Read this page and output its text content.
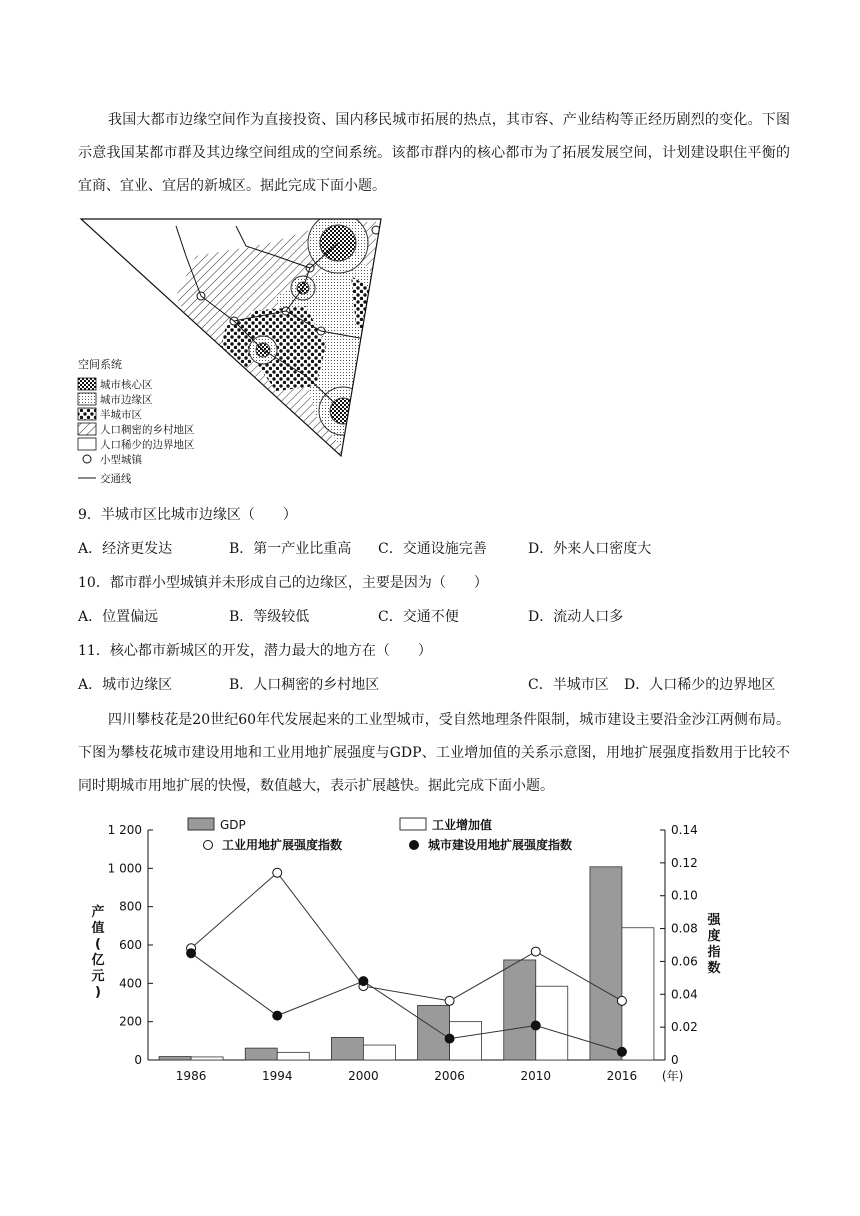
我国大都市边缘空间作为直接投资、国内移民城市拓展的热点，其市容、产业结构等正经历剧烈的变化。下图示意我国某都市群及其边缘空间组成的空间系统。该都市群内的核心都市为了拓展发展空间，计划建设职住平衡的宜商、宜业、宜居的新城区。据此完成下面小题。
空间系统
城市核心区
城市边缘区
半城市区
人口稠密的乡村地区
人口稀少的边界地区
小型城镇
交通线
9．半城市区比城市边缘区（　　）
A．经济更发达	B．第一产业比重高 C．交通设施完善	D．外来人口密度大
10．都市群小型城镇并未形成自己的边缘区，主要是因为（　　）
A．位置偏远	B．等级较低	C．交通不便	D．流动人口多
11．核心都市新城区的开发，潜力最大的地方在（　　）
A．城市边缘区	B．人口稠密的乡村地区	C．半城市区 D．人口稀少的边界地区
四川攀枝花是20世纪60年代发展起来的工业型城市，受自然地理条件限制，城市建设主要沿金沙江两侧布局。下图为攀枝花城市建设用地和工业用地扩展强度与GDP、工业增加值的关系示意图，用地扩展强度指数用于比较不同时期城市用地扩展的快慢，数值越大，表示扩展越快。据此完成下面小题。
0
200
400
600
800
1 000
1 200
0
0.02
0.04
0.06
0.08
0.10
0.12
0.14
产
值
(
亿
元
)
强
度
指
数
1986	1994	2000	2006	2010	2016 (年)
GDP	工业增加值
工业用地扩展强度指数	城市建设用地扩展强度指数
